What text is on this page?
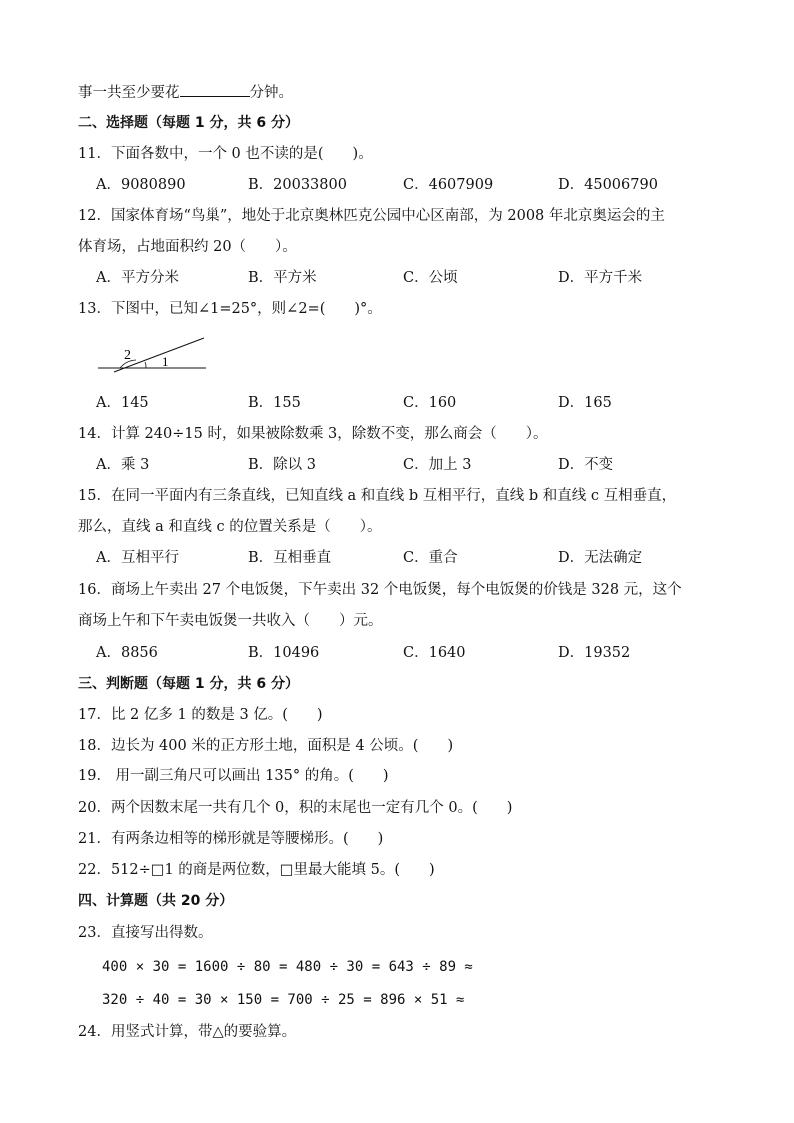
事一共至少要花	分钟。
二、选择题（每题 1 分，共 6 分）
11．下面各数中，一个 0 也不读的是(　　)。
A．9080890	B．20033800	C．4607909	D．45006790
12．国家体育场“鸟巢”，地处于北京奥林匹克公园中心区南部，为 2008 年北京奥运会的主
体育场，占地面积约 20（　　）。
A．平方分米	B．平方米	C．公顷	D．平方千米
13．下图中，已知∠1=25°，则∠2=(　　)°。
2 1
A．145	B．155	C．160	D．165
14．计算 240÷15 时，如果被除数乘 3，除数不变，那么商会（　　）。
A．乘 3	B．除以 3	C．加上 3	D．不变
15．在同一平面内有三条直线，已知直线 a 和直线 b 互相平行，直线 b 和直线 c 互相垂直，
那么，直线 a 和直线 c 的位置关系是（　　）。
A．互相平行	B．互相垂直	C．重合	D．无法确定
16．商场上午卖出 27 个电饭煲，下午卖出 32 个电饭煲，每个电饭煲的价钱是 328 元，这个
商场上午和下午卖电饭煲一共收入（　　）元。
A．8856	B．10496	C．1640	D．19352
三、判断题（每题 1 分，共 6 分）
17．比 2 亿多 1 的数是 3 亿。(　　)
18．边长为 400 米的正方形土地，面积是 4 公顷。(　　)
19． 用一副三角尺可以画出 135° 的角。(　　)
20．两个因数末尾一共有几个 0，积的末尾也一定有几个 0。(　　)
21．有两条边相等的梯形就是等腰梯形。(　　)
22．512÷□1 的商是两位数，□里最大能填 5。(　　)
四、计算题（共 20 分）
23．直接写出得数。
400 × 30 = 1600 ÷ 80 = 480 ÷ 30 = 643 ÷ 89 ≈
320 ÷ 40 = 30 × 150 = 700 ÷ 25 = 896 × 51 ≈
24．用竖式计算，带△的要验算。
